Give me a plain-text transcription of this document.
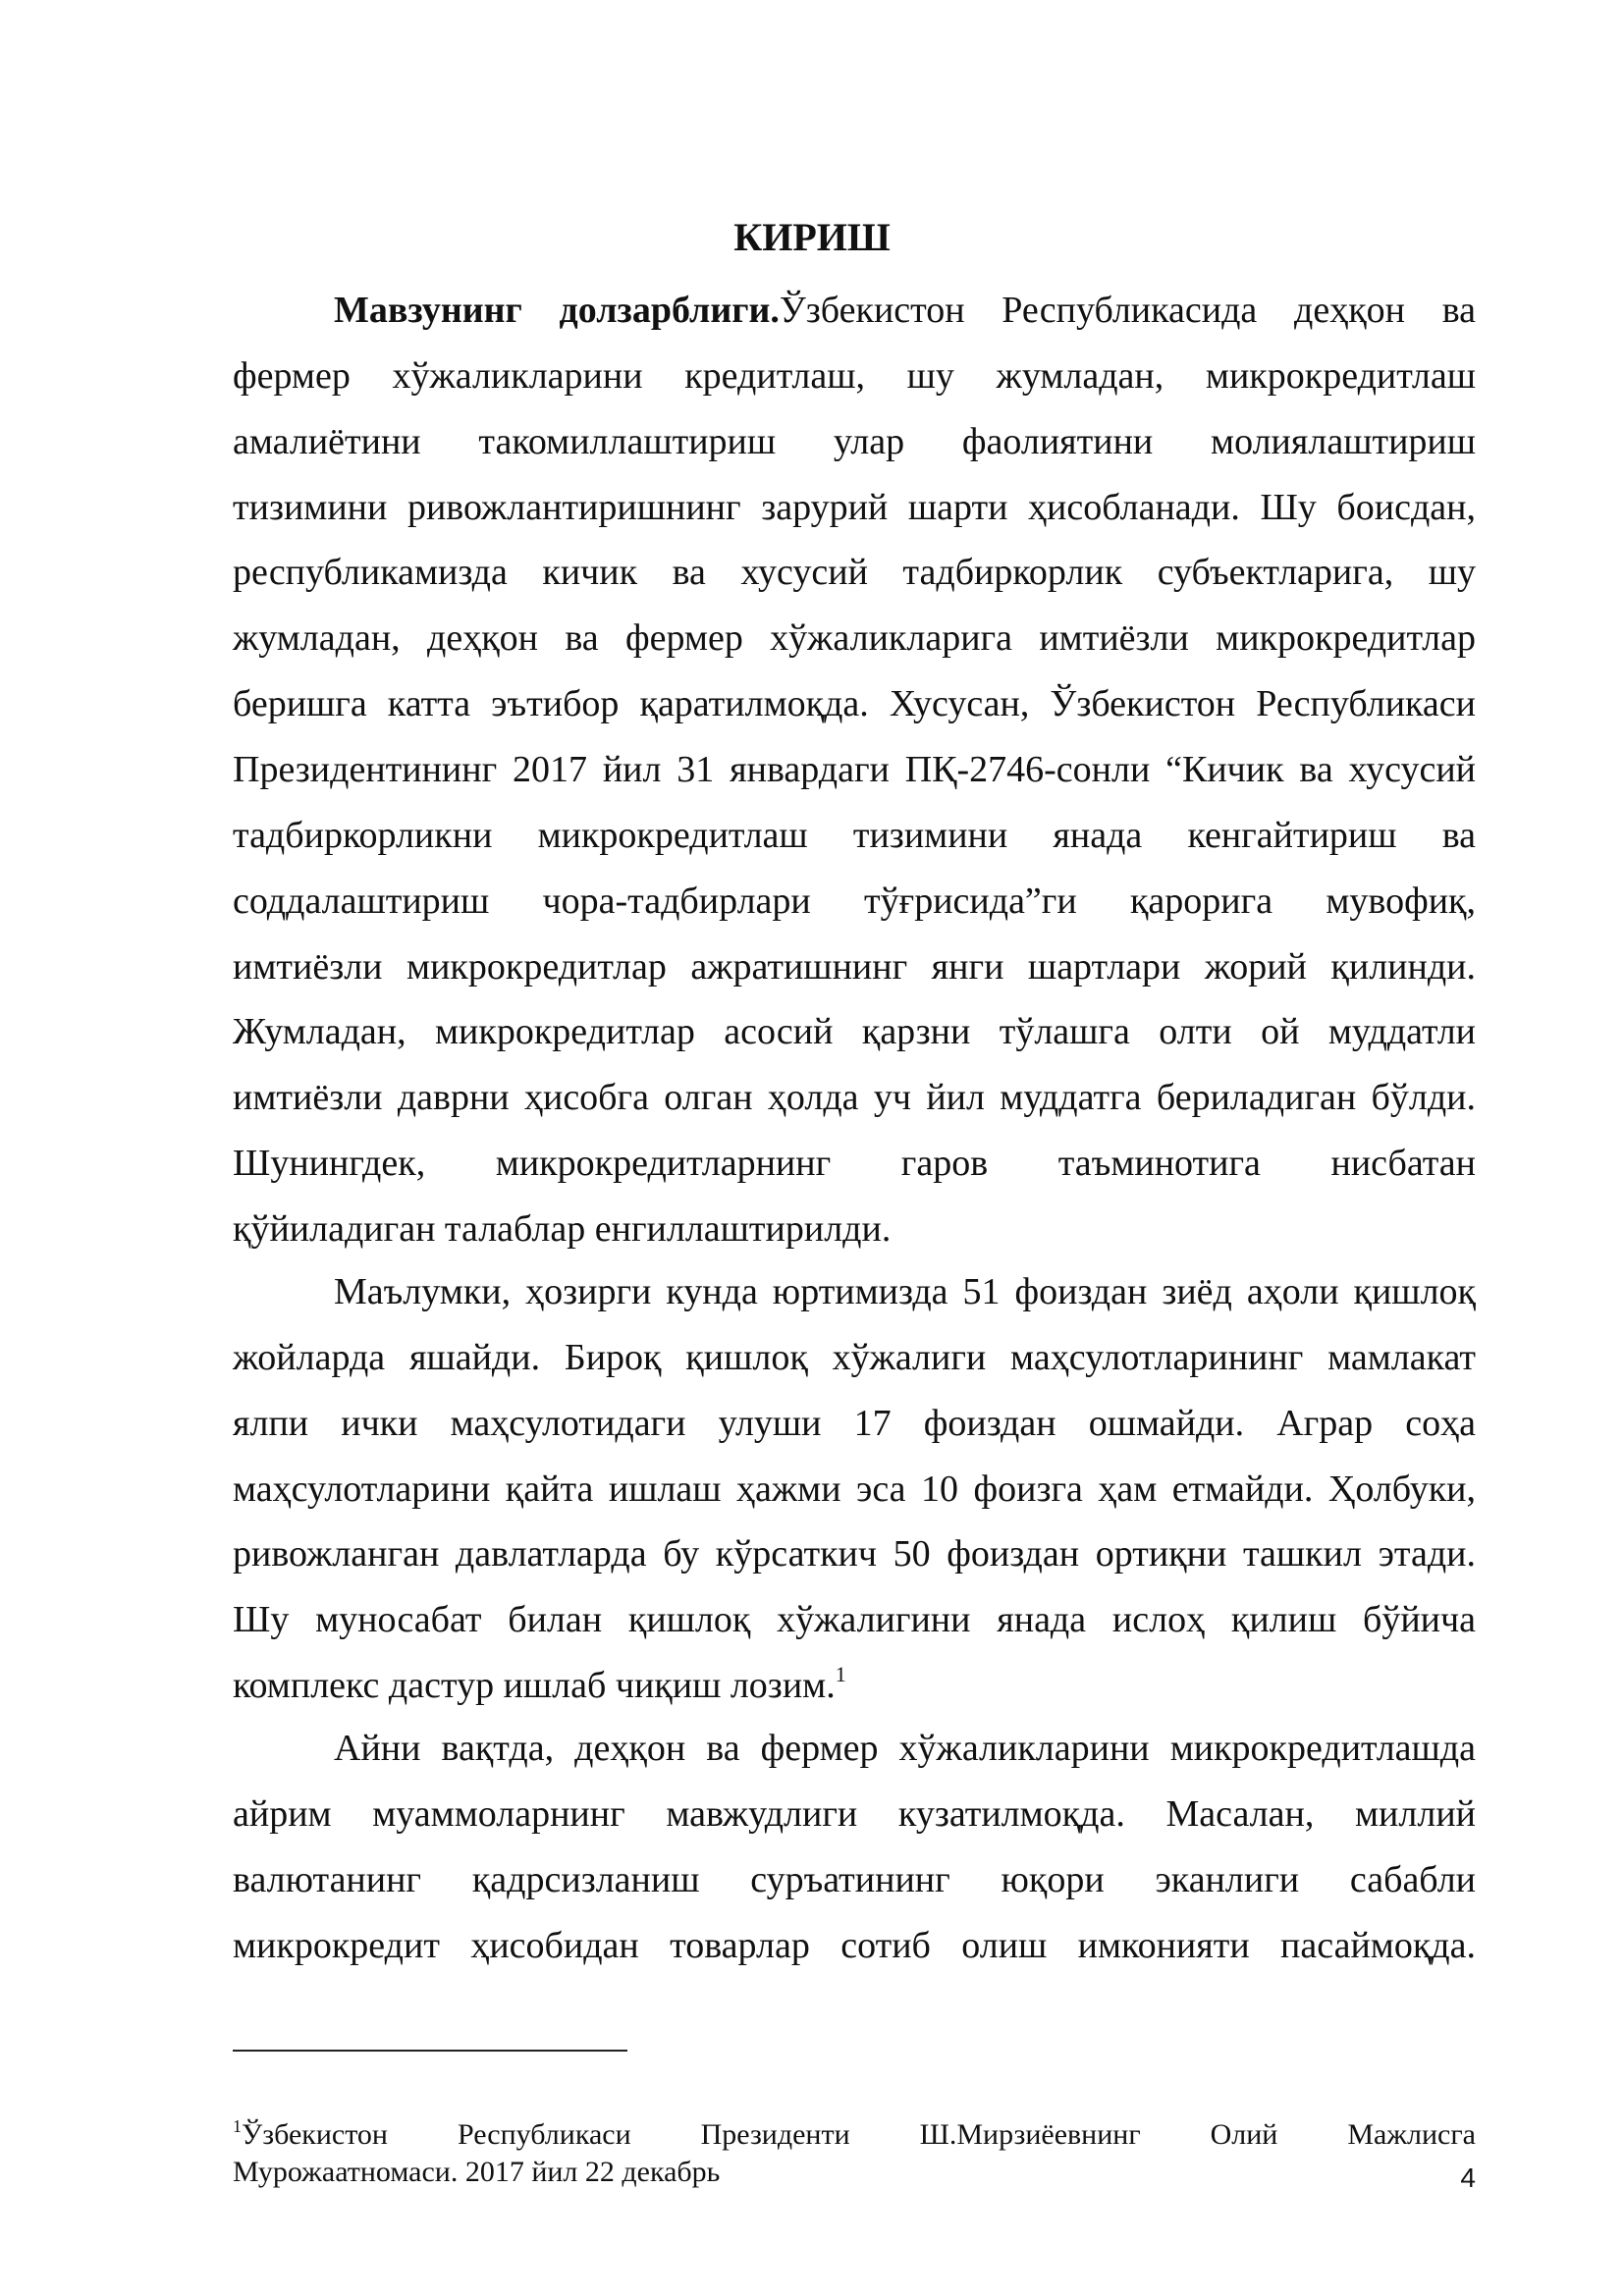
КИРИШ
Мавзунинг долзарблиги.Ўзбекистон Республикасида деҳқон ва
фермер хўжаликларини кредитлаш, шу жумладан, микрокредитлаш
амалиётини такомиллаштириш улар фаолиятини молиялаштириш
тизимини ривожлантиришнинг зарурий шарти ҳисобланади. Шу боисдан,
республикамизда кичик ва хусусий тадбиркорлик субъектларига, шу
жумладан, деҳқон ва фермер хўжаликларига имтиёзли микрокредитлар
беришга катта эътибор қаратилмоқда. Хусусан, Ўзбекистон Республикаси
Президентининг 2017 йил 31 январдаги ПҚ-2746-сонли “Кичик ва хусусий
тадбиркорликни микрокредитлаш тизимини янада кенгайтириш ва
соддалаштириш чора-тадбирлари тўғрисида”ги қарорига мувофиқ,
имтиёзли микрокредитлар ажратишнинг янги шартлари жорий қилинди.
Жумладан, микрокредитлар асосий қарзни тўлашга олти ой муддатли
имтиёзли даврни ҳисобга олган ҳолда уч йил муддатга бериладиган бўлди.
Шунингдек, микрокредитларнинг гаров таъминотига нисбатан
қўйиладиган талаблар енгиллаштирилди.
Маълумки, ҳозирги кунда юртимизда 51 фоиздан зиёд аҳоли қишлоқ
жойларда яшайди. Бироқ қишлоқ хўжалиги маҳсулотларининг мамлакат
ялпи ички маҳсулотидаги улуши 17 фоиздан ошмайди. Аграр соҳа
маҳсулотларини қайта ишлаш ҳажми эса 10 фоизга ҳам етмайди. Ҳолбуки,
ривожланган давлатларда бу кўрсаткич 50 фоиздан ортиқни ташкил этади.
Шу муносабат билан қишлоқ хўжалигини янада ислоҳ қилиш бўйича
комплекс дастур ишлаб чиқиш лозим.$^1$
Айни вақтда, деҳқон ва фермер хўжаликларини микрокредитлашда
айрим муаммоларнинг мавжудлиги кузатилмоқда. Масалан, миллий
валютанинг қадрсизланиш суръатининг юқори эканлиги сабабли
микрокредит ҳисобидан товарлар сотиб олиш имконияти пасаймоқда.
$^1$Ўзбекистон Республикаси Президенти Ш.Мирзиёевнинг Олий Мажлисга
Мурожаатномаси. 2017 йил 22 декабрь	4
